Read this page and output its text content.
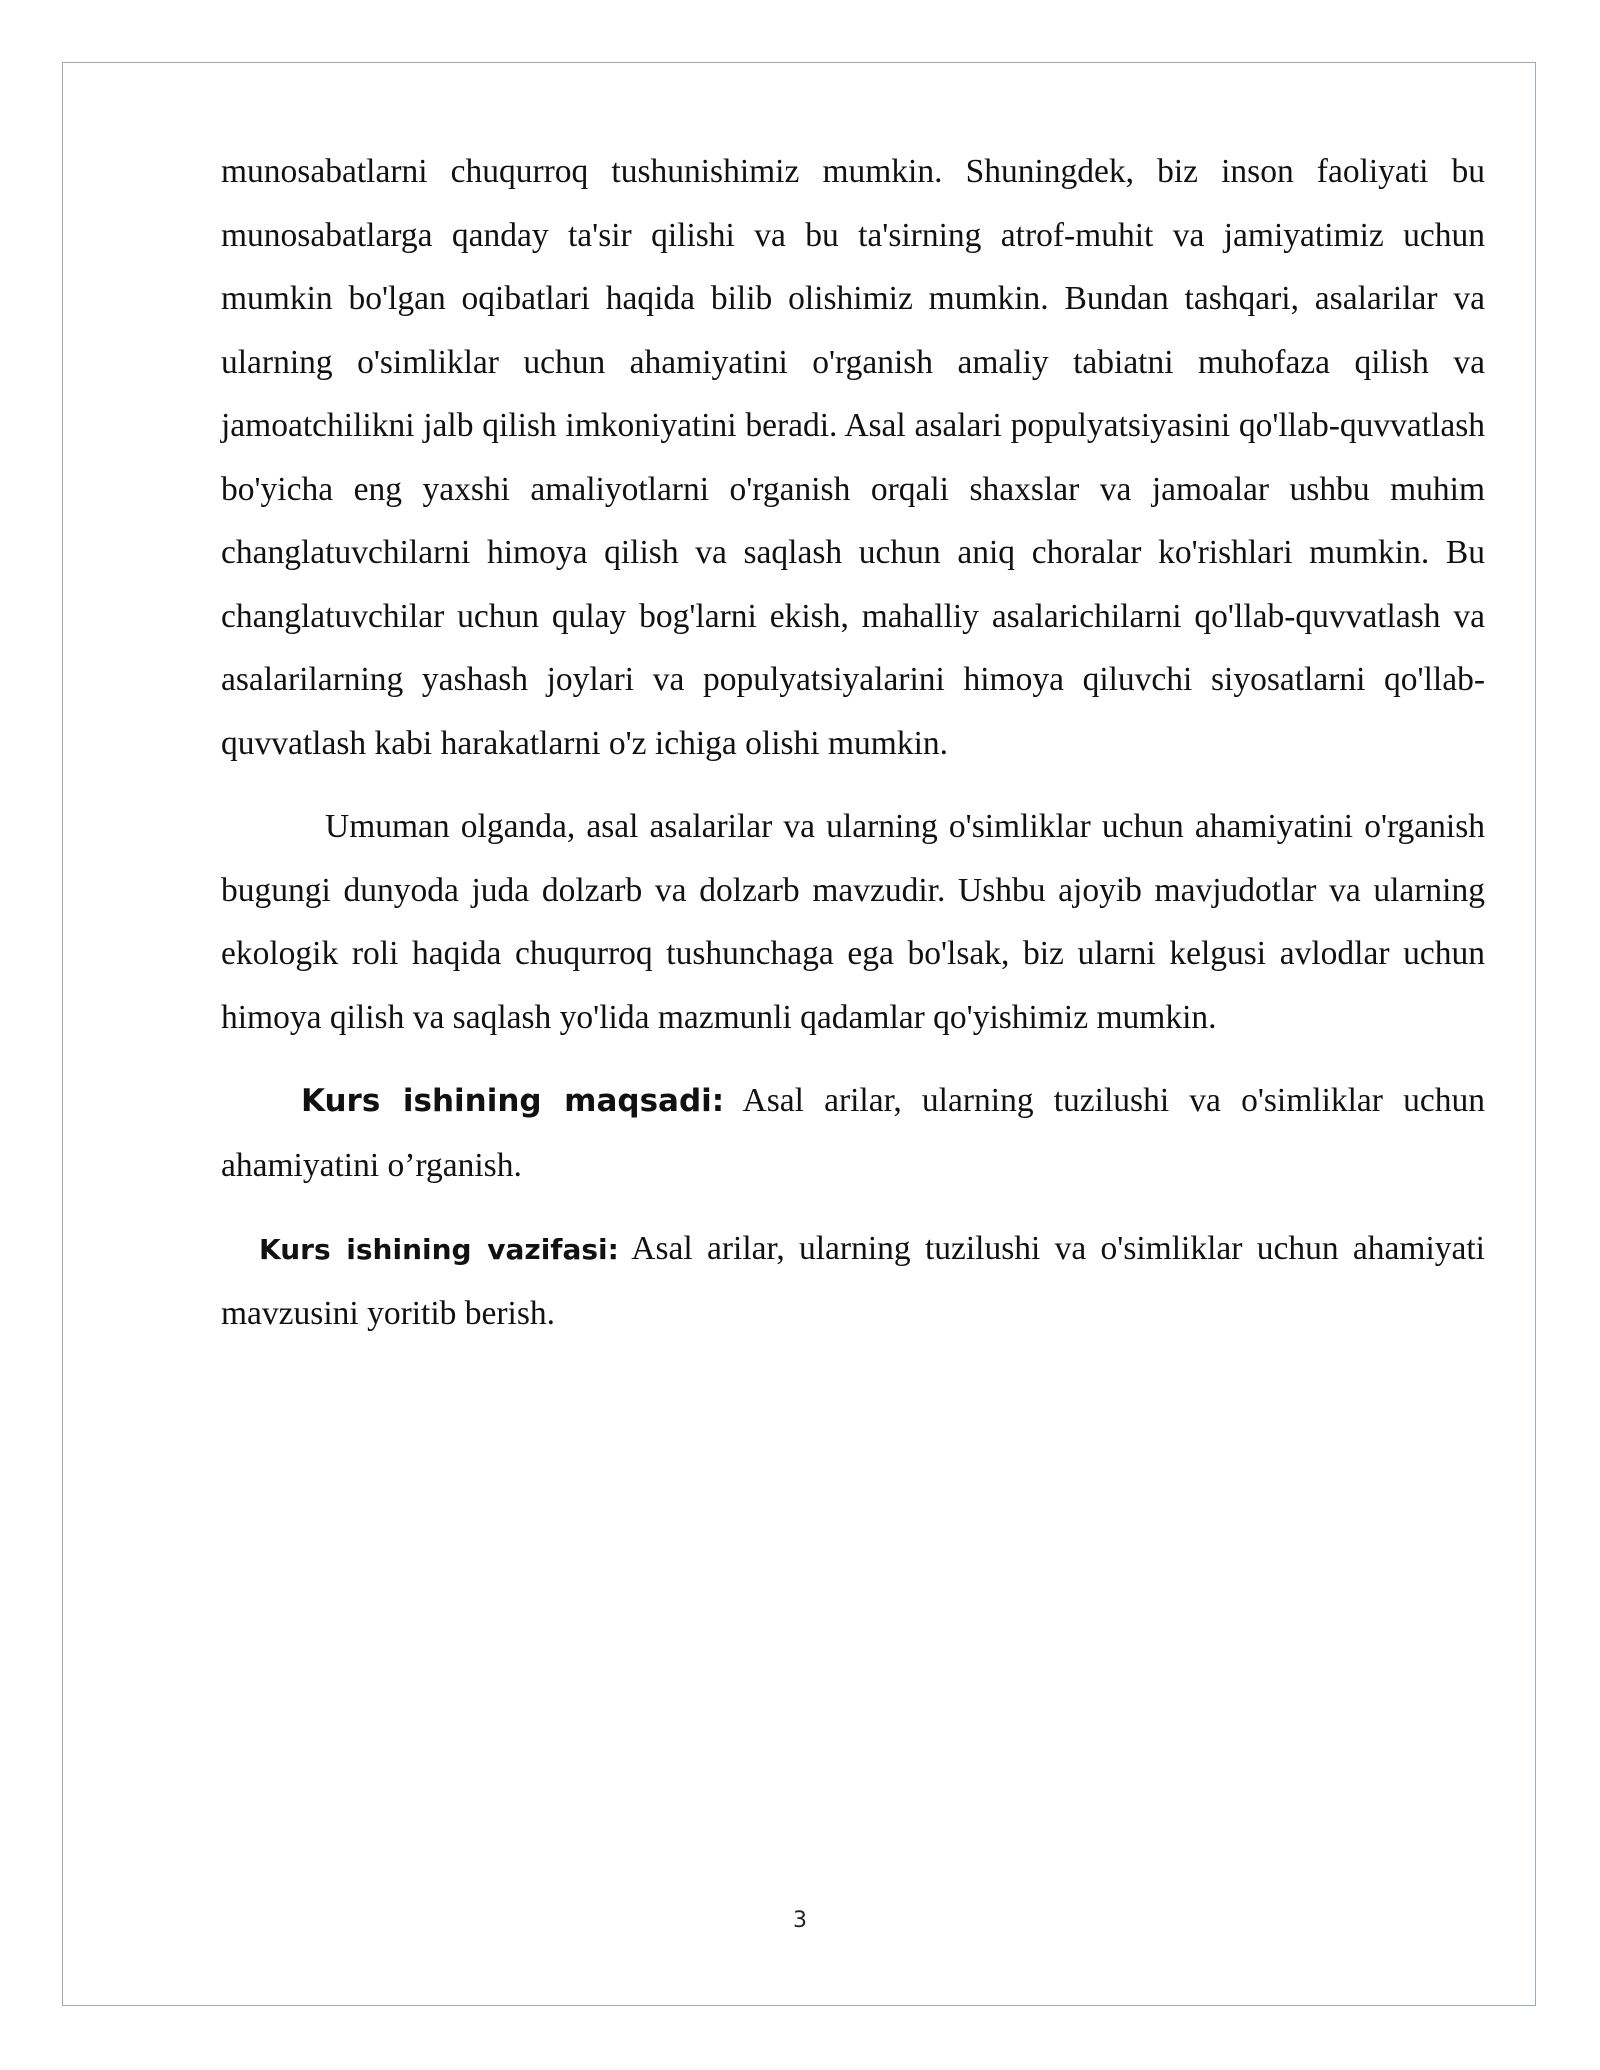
munosabatlarni chuqurroq tushunishimiz mumkin. Shuningdek, biz inson faoliyati bu munosabatlarga qanday ta'sir qilishi va bu ta'sirning atrof-muhit va jamiyatimiz uchun mumkin bo'lgan oqibatlari haqida bilib olishimiz mumkin. Bundan tashqari, asalarilar va ularning o'simliklar uchun ahamiyatini o'rganish amaliy tabiatni muhofaza qilish va jamoatchilikni jalb qilish imkoniyatini beradi. Asal asalari populyatsiyasini qo'llab-quvvatlash bo'yicha eng yaxshi amaliyotlarni o'rganish orqali shaxslar va jamoalar ushbu muhim changlatuvchilarni himoya qilish va saqlash uchun aniq choralar ko'rishlari mumkin. Bu changlatuvchilar uchun qulay bog'larni ekish, mahalliy asalarichilarni qo'llab-quvvatlash va asalarilarning yashash joylari va populyatsiyalarini himoya qiluvchi siyosatlarni qo'llab-quvvatlash kabi harakatlarni o'z ichiga olishi mumkin.

Umuman olganda, asal asalarilar va ularning o'simliklar uchun ahamiyatini o'rganish bugungi dunyoda juda dolzarb va dolzarb mavzudir. Ushbu ajoyib mavjudotlar va ularning ekologik roli haqida chuqurroq tushunchaga ega bo'lsak, biz ularni kelgusi avlodlar uchun himoya qilish va saqlash yo'lida mazmunli qadamlar qo'yishimiz mumkin.

Kurs ishining maqsadi: Asal arilar, ularning tuzilushi va o'simliklar uchun ahamiyatini o’rganish.

Kurs ishining vazifasi: Asal arilar, ularning tuzilushi va o'simliklar uchun ahamiyati mavzusini yoritib berish.

3
